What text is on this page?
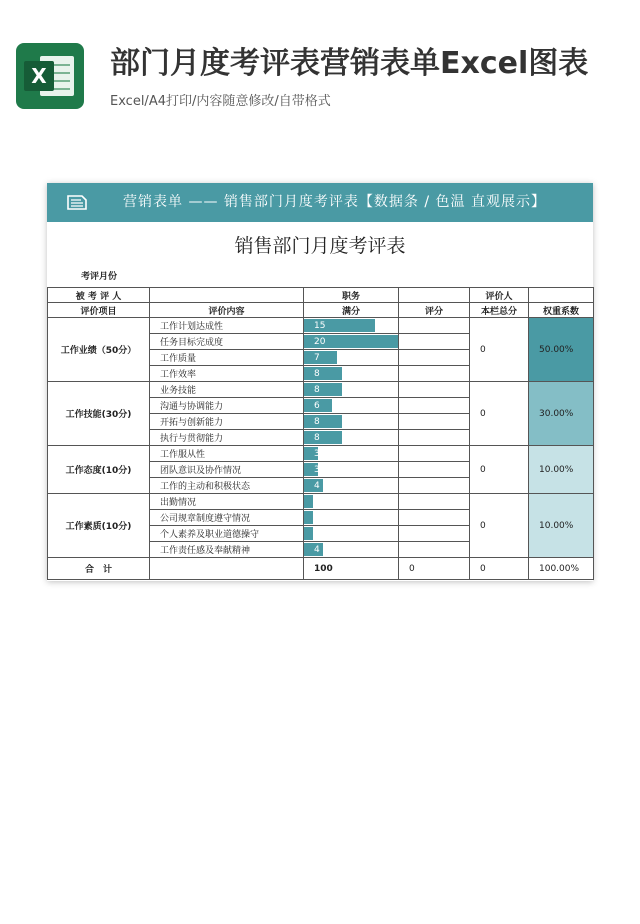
X 部门月度考评表营销表单Excel图表
Excel/A4打印/内容随意修改/自带格式
营销表单 —— 销售部门月度考评表【数据条 / 色温 直观展示】
销售部门月度考评表
考评月份
被 考 评 人		职务		评价人	
评价项目	评价内容	满分	评分	本栏总分	权重系数
工作业绩（50分）	工作计划达成性	15		0	50.00%
	任务目标完成度	20			
	工作质量	7			
	工作效率	8			
工作技能(30分)	业务技能	8		0	30.00%
	沟通与协调能力	6			
	开拓与创新能力	8			
	执行与贯彻能力	8			
工作态度(10分)	工作服从性	3		0	10.00%
	团队意识及协作情况	3			
	工作的主动和积极状态	4			
工作素质(10分)	出勤情况	2		0	10.00%
	公司规章制度遵守情况	2			
	个人素养及职业道德操守	2			
	工作责任感及奉献精神	4			
合　计		100	0	0	100.00%
